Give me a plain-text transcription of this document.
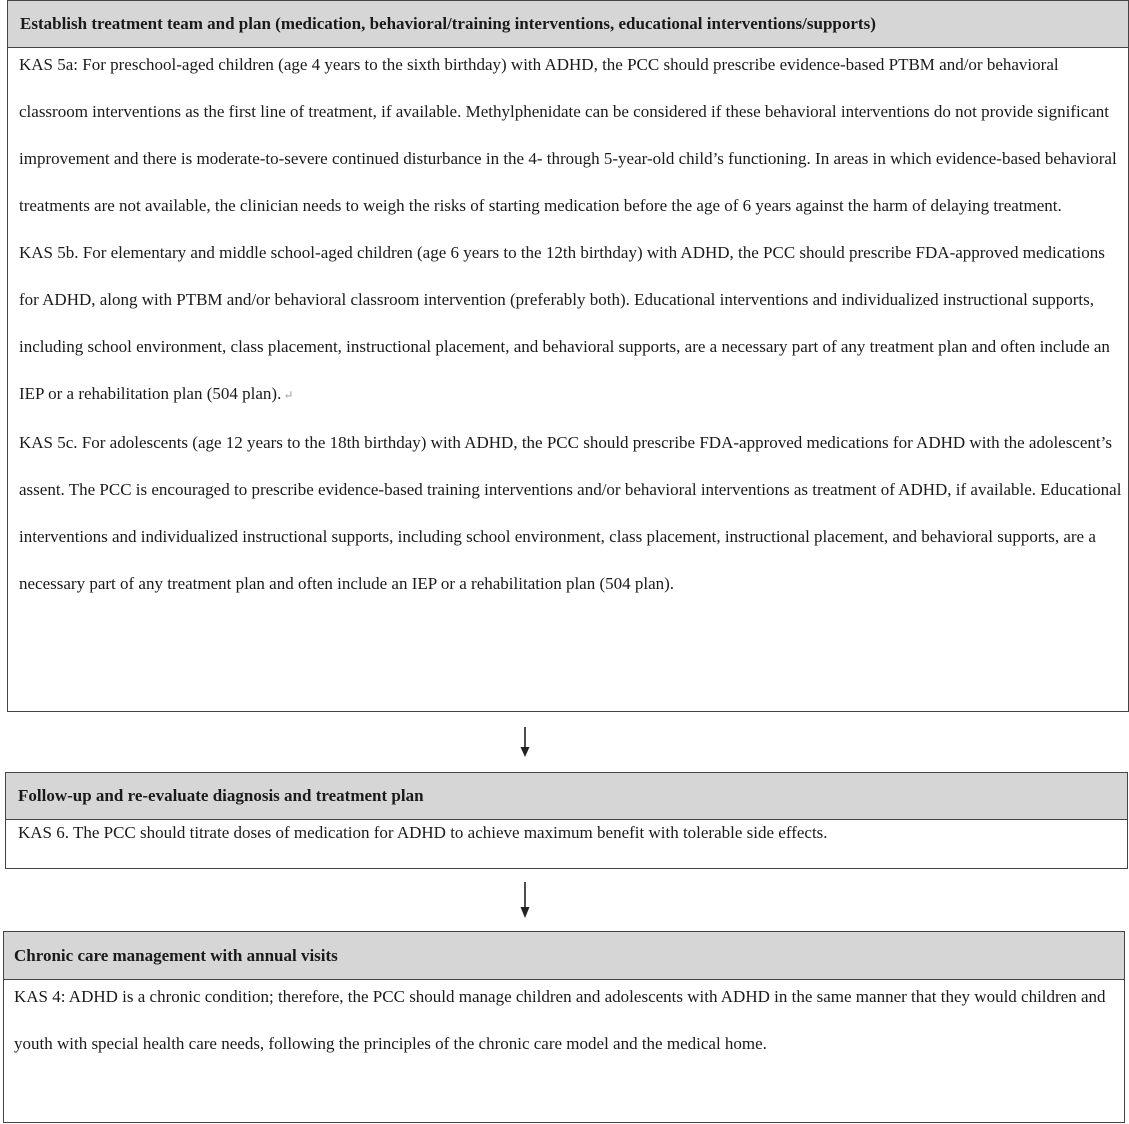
Establish treatment team and plan (medication, behavioral/training interventions, educational interventions/supports)

KAS 5a: For preschool-aged children (age 4 years to the sixth birthday) with ADHD, the PCC should prescribe evidence-based PTBM and/or behavioral classroom interventions as the first line of treatment, if available. Methylphenidate can be considered if these behavioral interventions do not provide significant improvement and there is moderate-to-severe continued disturbance in the 4- through 5-year-old child’s functioning. In areas in which evidence-based behavioral treatments are not available, the clinician needs to weigh the risks of starting medication before the age of 6 years against the harm of delaying treatment.

KAS 5b. For elementary and middle school-aged children (age 6 years to the 12th birthday) with ADHD, the PCC should prescribe FDA-approved medications for ADHD, along with PTBM and/or behavioral classroom intervention (preferably both). Educational interventions and individualized instructional supports, including school environment, class placement, instructional placement, and behavioral supports, are a necessary part of any treatment plan and often include an IEP or a rehabilitation plan (504 plan). ↵

KAS 5c. For adolescents (age 12 years to the 18th birthday) with ADHD, the PCC should prescribe FDA-approved medications for ADHD with the adolescent’s assent. The PCC is encouraged to prescribe evidence-based training interventions and/or behavioral interventions as treatment of ADHD, if available. Educational interventions and individualized instructional supports, including school environment, class placement, instructional placement, and behavioral supports, are a necessary part of any treatment plan and often include an IEP or a rehabilitation plan (504 plan).

Follow-up and re-evaluate diagnosis and treatment plan

KAS 6. The PCC should titrate doses of medication for ADHD to achieve maximum benefit with tolerable side effects.

Chronic care management with annual visits

KAS 4: ADHD is a chronic condition; therefore, the PCC should manage children and adolescents with ADHD in the same manner that they would children and youth with special health care needs, following the principles of the chronic care model and the medical home.
